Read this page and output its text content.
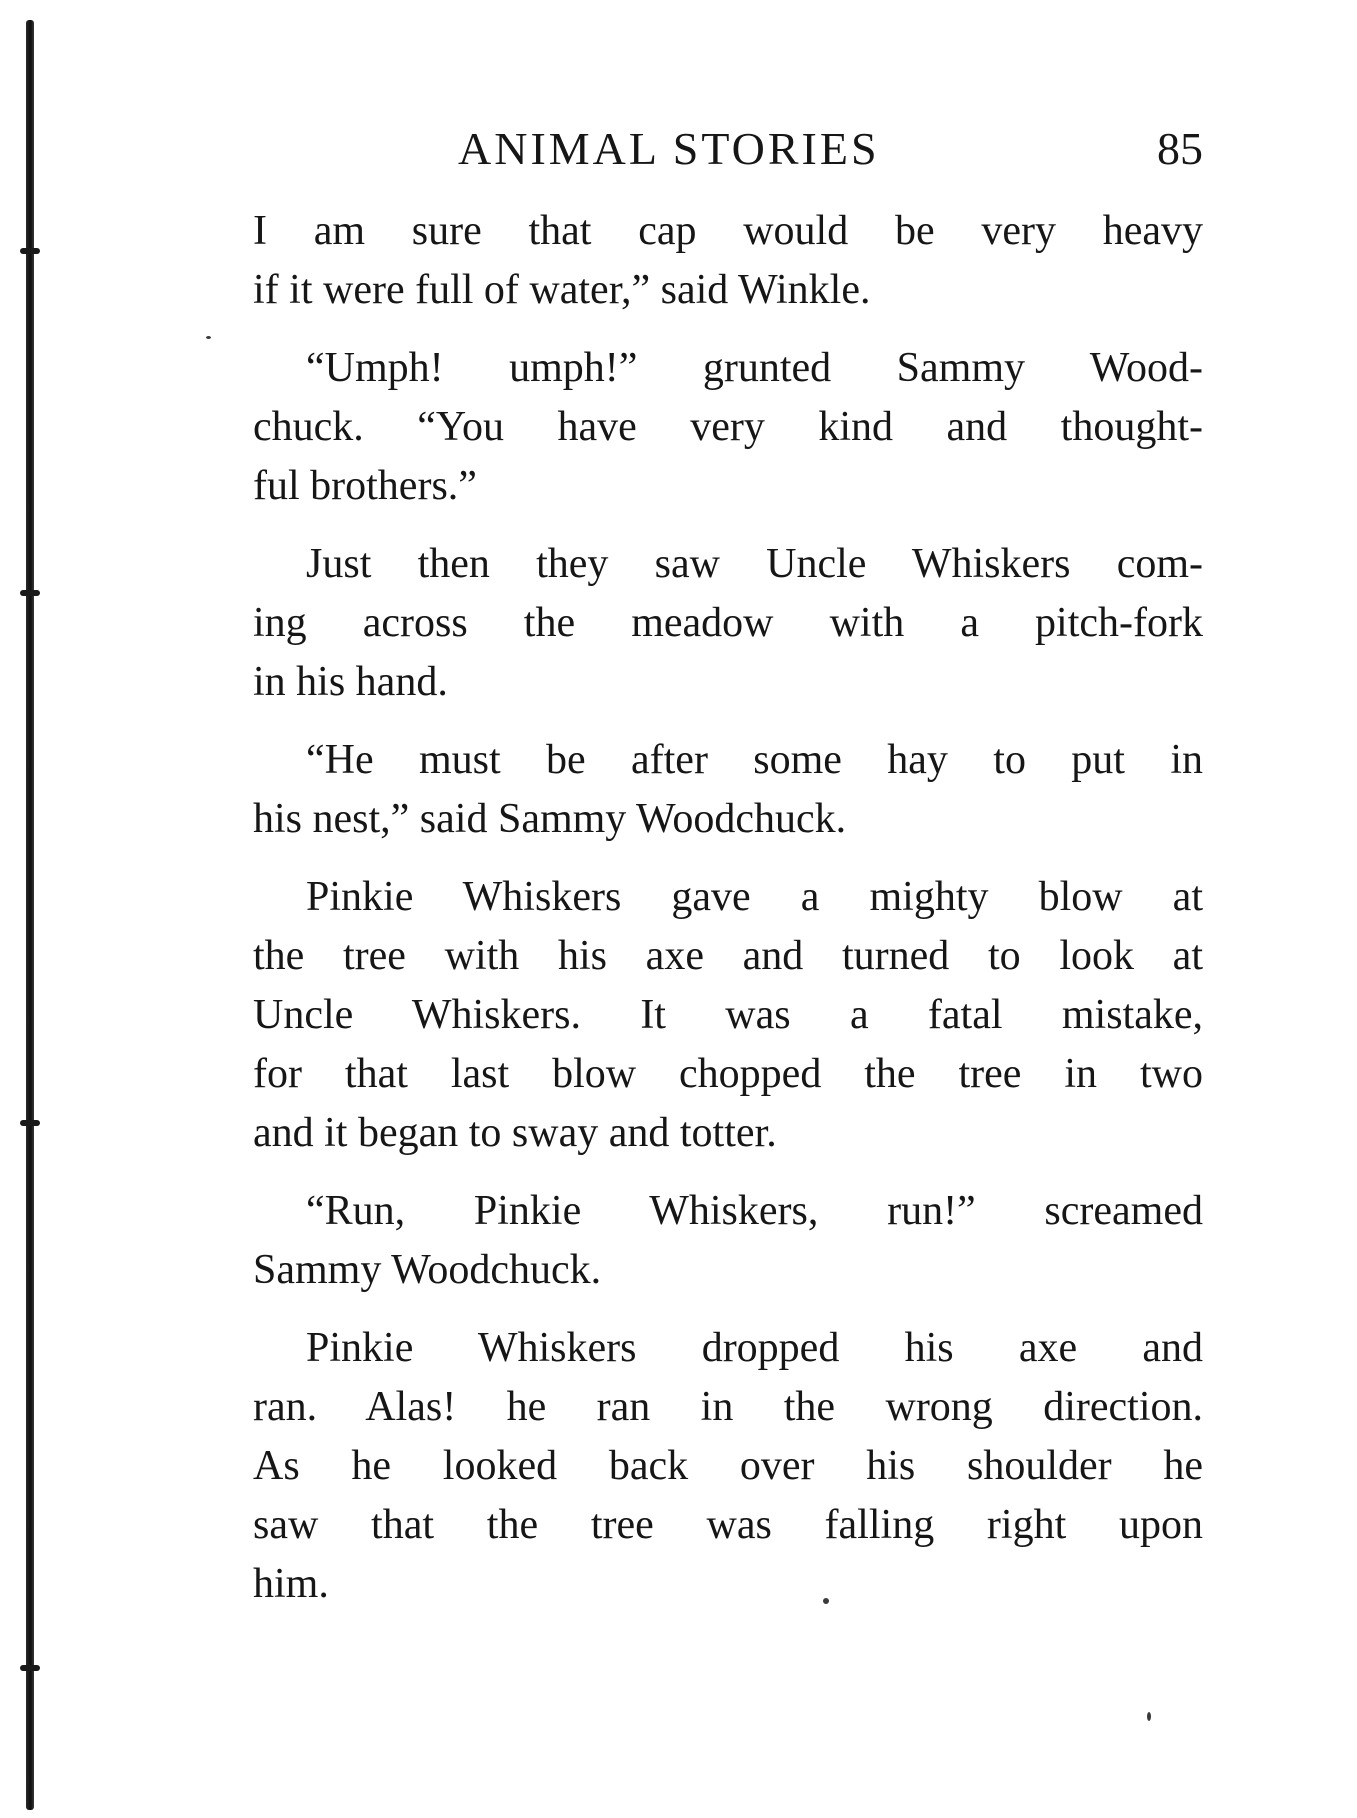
ANIMAL STORIES	85

I am sure that cap would be very heavy
if it were full of water,” said Winkle.

“Umph! umph!” grunted Sammy Wood-
chuck. “You have very kind and thought-
ful brothers.”

Just then they saw Uncle Whiskers com-
ing across the meadow with a pitch-fork
in his hand.

“He must be after some hay to put in
his nest,” said Sammy Woodchuck.

Pinkie Whiskers gave a mighty blow at
the tree with his axe and turned to look at
Uncle Whiskers. It was a fatal mistake,
for that last blow chopped the tree in two
and it began to sway and totter.

“Run, Pinkie Whiskers, run!” screamed
Sammy Woodchuck.

Pinkie Whiskers dropped his axe and
ran. Alas! he ran in the wrong direction.
As he looked back over his shoulder he
saw that the tree was falling right upon
him.
